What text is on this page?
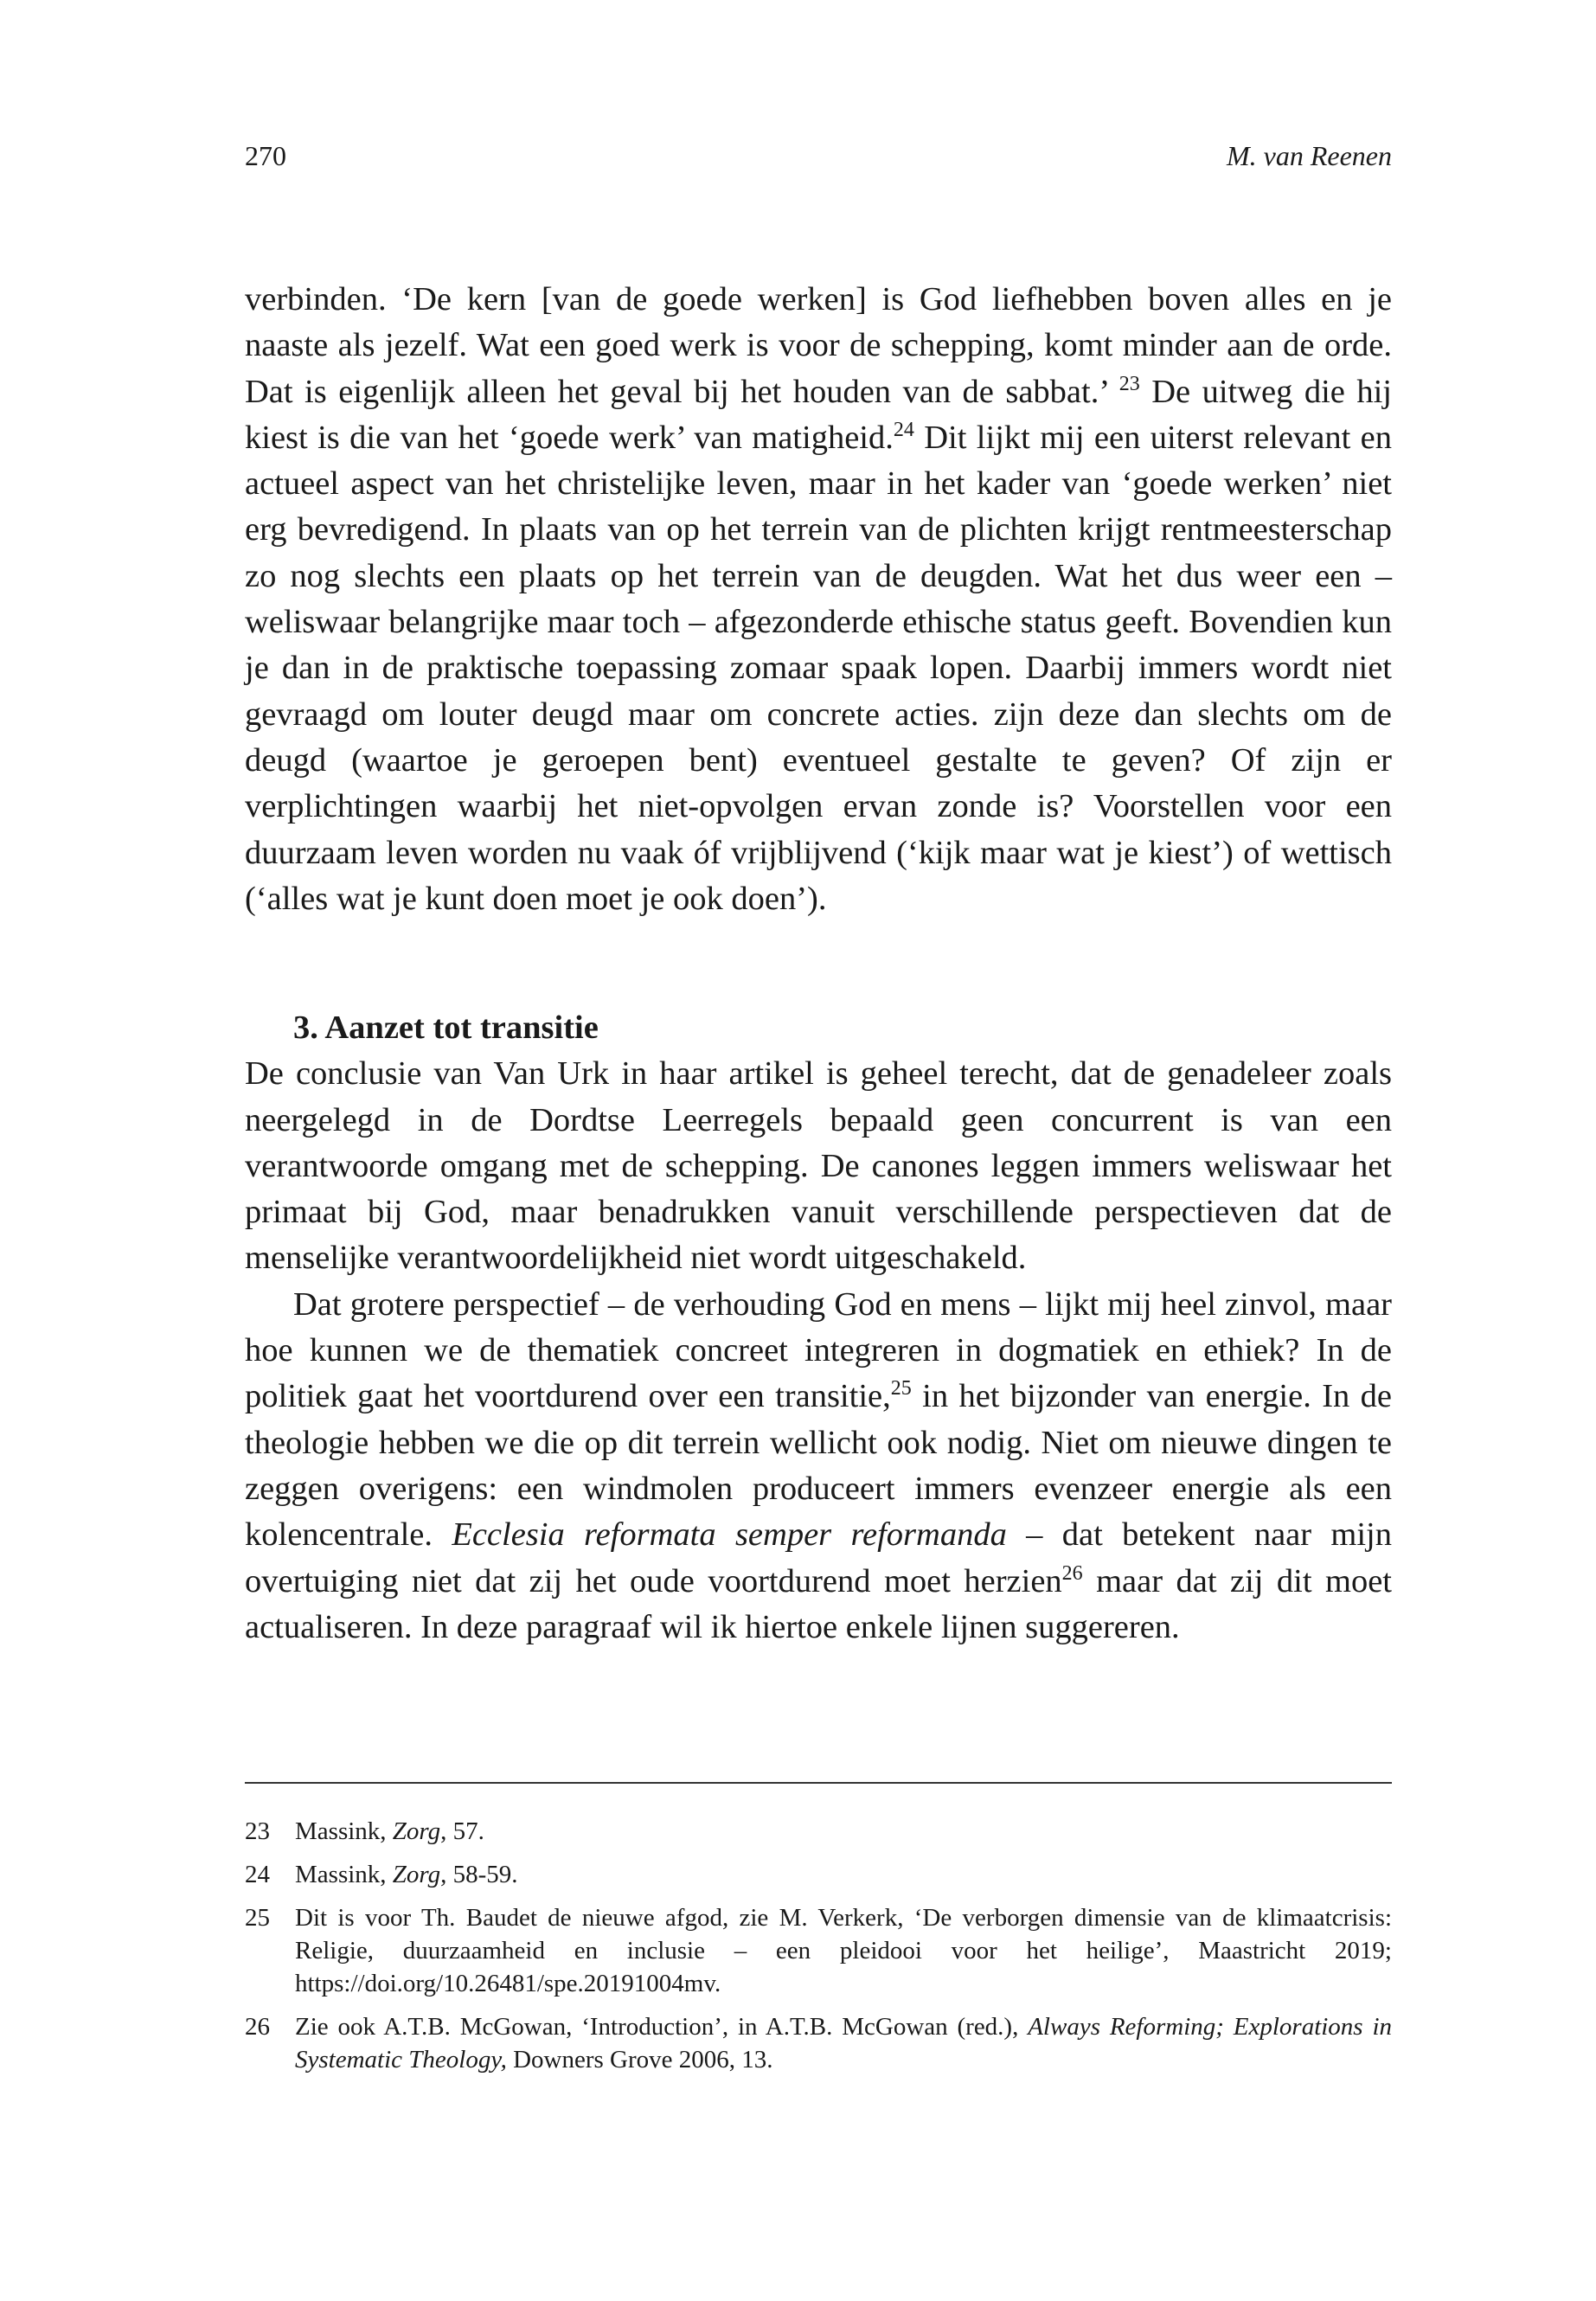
270	M. van Reenen

verbinden. ‘De kern [van de goede werken] is God liefhebben boven alles en je naaste als jezelf. Wat een goed werk is voor de schepping, komt minder aan de orde. Dat is eigenlijk alleen het geval bij het houden van de sabbat.’ $^{23}$ De uitweg die hij kiest is die van het ‘goede werk’ van matigheid.$^{24}$ Dit lijkt mij een uiterst relevant en actueel aspect van het christelijke leven, maar in het kader van ‘goede werken’ niet erg bevredigend. In plaats van op het terrein van de plichten krijgt rentmeesterschap zo nog slechts een plaats op het terrein van de deugden. Wat het dus weer een – weliswaar belangrijke maar toch – afgezonderde ethische status geeft. Bovendien kun je dan in de praktische toepassing zomaar spaak lopen. Daarbij immers wordt niet gevraagd om louter deugd maar om concrete acties. zijn deze dan slechts om de deugd (waartoe je geroepen bent) eventueel gestalte te geven? Of zijn er verplichtingen waarbij het niet-opvolgen ervan zonde is? Voorstellen voor een duurzaam leven worden nu vaak óf vrijblijvend (‘kijk maar wat je kiest’) of wettisch (‘alles wat je kunt doen moet je ook doen’).

3. Aanzet tot transitie

De conclusie van Van Urk in haar artikel is geheel terecht, dat de genadeleer zoals neergelegd in de Dordtse Leerregels bepaald geen concurrent is van een verantwoorde omgang met de schepping. De canones leggen immers weliswaar het primaat bij God, maar benadrukken vanuit verschillende perspectieven dat de menselijke verantwoordelijkheid niet wordt uitgeschakeld.

Dat grotere perspectief – de verhouding God en mens – lijkt mij heel zinvol, maar hoe kunnen we de thematiek concreet integreren in dogmatiek en ethiek? In de politiek gaat het voortdurend over een transitie,$^{25}$ in het bijzonder van energie. In de theologie hebben we die op dit terrein wellicht ook nodig. Niet om nieuwe dingen te zeggen overigens: een windmolen produceert immers evenzeer energie als een kolencentrale. Ecclesia reformata semper reformanda – dat betekent naar mijn overtuiging niet dat zij het oude voortdurend moet herzien$^{26}$ maar dat zij dit moet actualiseren. In deze paragraaf wil ik hiertoe enkele lijnen suggereren.

23	Massink, Zorg, 57.
24	Massink, Zorg, 58-59.
25	Dit is voor Th. Baudet de nieuwe afgod, zie M. Verkerk, ‘De verborgen dimensie van de klimaatcrisis: Religie, duurzaamheid en inclusie – een pleidooi voor het heilige’, Maastricht 2019; https://doi.org/10.26481/spe.20191004mv.
26	Zie ook A.T.B. McGowan, ‘Introduction’, in A.T.B. McGowan (red.), Always Reforming; Explorations in Systematic Theology, Downers Grove 2006, 13.
